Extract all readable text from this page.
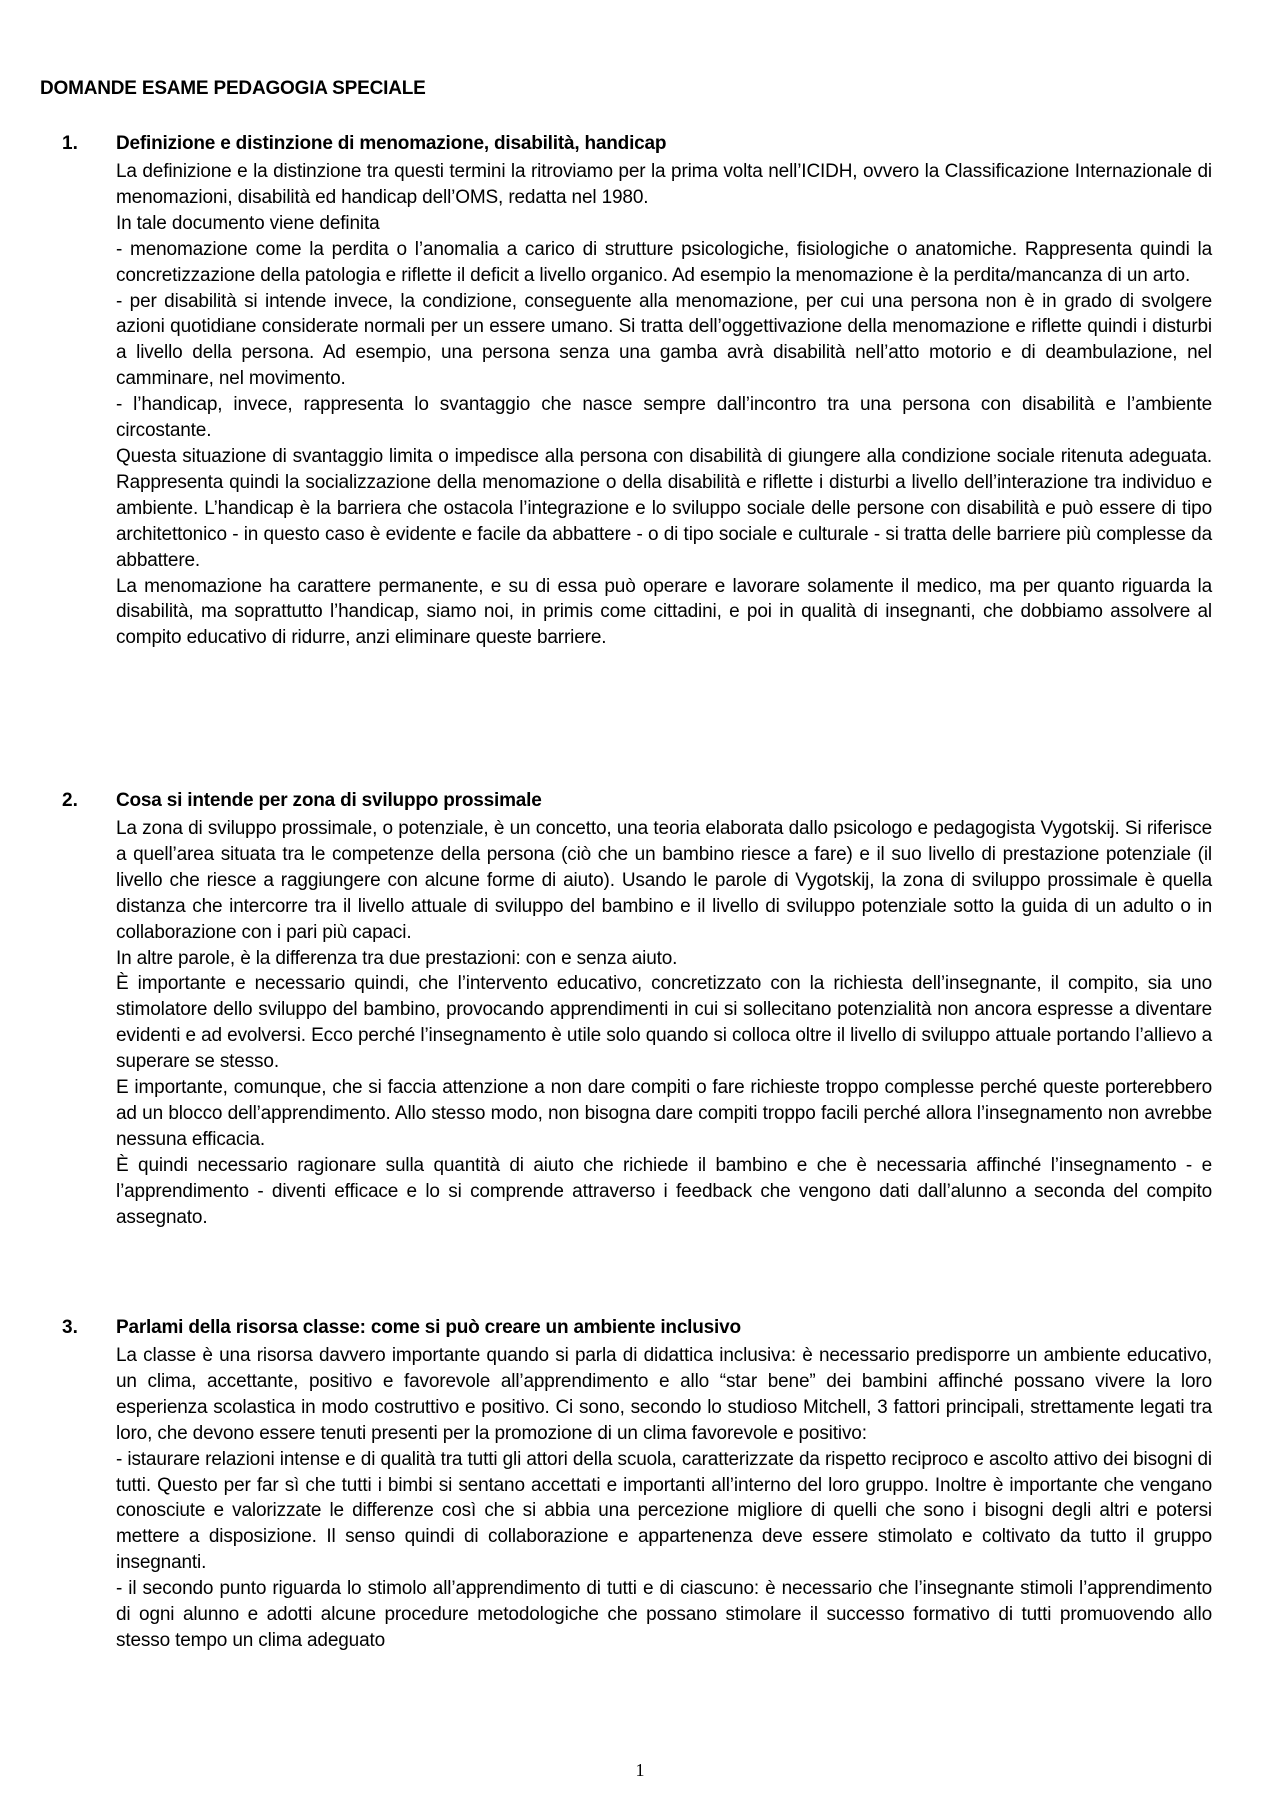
DOMANDE ESAME PEDAGOGIA SPECIALE
1. Definizione e distinzione di menomazione, disabilità, handicap

La definizione e la distinzione tra questi termini la ritroviamo per la prima volta nell’ICIDH, ovvero la Classificazione Internazionale di menomazioni, disabilità ed handicap dell’OMS, redatta nel 1980.

In tale documento viene definita

- menomazione come la perdita o l’anomalia a carico di strutture psicologiche, fisiologiche o anatomiche. Rappresenta quindi la concretizzazione della patologia e riflette il deficit a livello organico. Ad esempio la menomazione è la perdita/mancanza di un arto.

- per disabilità si intende invece, la condizione, conseguente alla menomazione, per cui una persona non è in grado di svolgere azioni quotidiane considerate normali per un essere umano. Si tratta dell’oggettivazione della menomazione e riflette quindi i disturbi a livello della persona. Ad esempio, una persona senza una gamba avrà disabilità nell’atto motorio e di deambulazione, nel camminare, nel movimento.

- l’handicap, invece, rappresenta lo svantaggio che nasce sempre dall’incontro tra una persona con disabilità e l’ambiente circostante.

Questa situazione di svantaggio limita o impedisce alla persona con disabilità di giungere alla condizione sociale ritenuta adeguata. Rappresenta quindi la socializzazione della menomazione o della disabilità e riflette i disturbi a livello dell’interazione tra individuo e ambiente. L’handicap è la barriera che ostacola l’integrazione e lo sviluppo sociale delle persone con disabilità e può essere di tipo architettonico - in questo caso è evidente e facile da abbattere - o di tipo sociale e culturale - si tratta delle barriere più complesse da abbattere.

La menomazione ha carattere permanente, e su di essa può operare e lavorare solamente il medico, ma per quanto riguarda la disabilità, ma soprattutto l’handicap, siamo noi, in primis come cittadini, e poi in qualità di insegnanti, che dobbiamo assolvere al compito educativo di ridurre, anzi eliminare queste barriere.

2. Cosa si intende per zona di sviluppo prossimale

La zona di sviluppo prossimale, o potenziale, è un concetto, una teoria elaborata dallo psicologo e pedagogista Vygotskij. Si riferisce a quell’area situata tra le competenze della persona (ciò che un bambino riesce a fare) e il suo livello di prestazione potenziale (il livello che riesce a raggiungere con alcune forme di aiuto). Usando le parole di Vygotskij, la zona di sviluppo prossimale è quella distanza che intercorre tra il livello attuale di sviluppo del bambino e il livello di sviluppo potenziale sotto la guida di un adulto o in collaborazione con i pari più capaci.

In altre parole, è la differenza tra due prestazioni: con e senza aiuto.

È importante e necessario quindi, che l’intervento educativo, concretizzato con la richiesta dell’insegnante, il compito, sia uno stimolatore dello sviluppo del bambino, provocando apprendimenti in cui si sollecitano potenzialità non ancora espresse a diventare evidenti e ad evolversi. Ecco perché l’insegnamento è utile solo quando si colloca oltre il livello di sviluppo attuale portando l’allievo a superare se stesso.

E importante, comunque, che si faccia attenzione a non dare compiti o fare richieste troppo complesse perché queste porterebbero ad un blocco dell’apprendimento. Allo stesso modo, non bisogna dare compiti troppo facili perché allora l’insegnamento non avrebbe nessuna efficacia.

È quindi necessario ragionare sulla quantità di aiuto che richiede il bambino e che è necessaria affinché l’insegnamento - e l’apprendimento - diventi efficace e lo si comprende attraverso i feedback che vengono dati dall’alunno a seconda del compito assegnato.

3. Parlami della risorsa classe: come si può creare un ambiente inclusivo

La classe è una risorsa davvero importante quando si parla di didattica inclusiva: è necessario predisporre un ambiente educativo, un clima, accettante, positivo e favorevole all’apprendimento e allo “star bene” dei bambini affinché possano vivere la loro esperienza scolastica in modo costruttivo e positivo. Ci sono, secondo lo studioso Mitchell, 3 fattori principali, strettamente legati tra loro, che devono essere tenuti presenti per la promozione di un clima favorevole e positivo:

- istaurare relazioni intense e di qualità tra tutti gli attori della scuola, caratterizzate da rispetto reciproco e ascolto attivo dei bisogni di tutti. Questo per far sì che tutti i bimbi si sentano accettati e importanti all’interno del loro gruppo. Inoltre è importante che vengano conosciute e valorizzate le differenze così che si abbia una percezione migliore di quelli che sono i bisogni degli altri e potersi mettere a disposizione. Il senso quindi di collaborazione e appartenenza deve essere stimolato e coltivato da tutto il gruppo insegnanti.

- il secondo punto riguarda lo stimolo all’apprendimento di tutti e di ciascuno: è necessario che l’insegnante stimoli l’apprendimento di ogni alunno e adotti alcune procedure metodologiche che possano stimolare il successo formativo di tutti promuovendo allo stesso tempo un clima adeguato

1
